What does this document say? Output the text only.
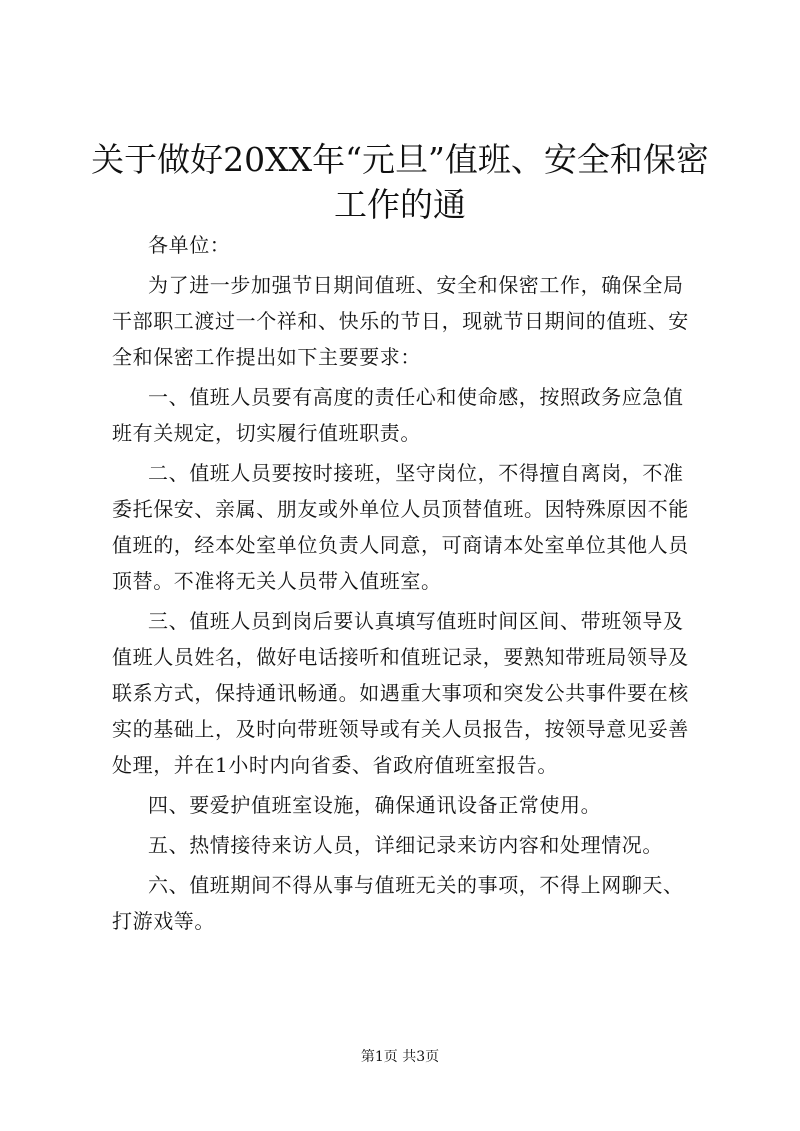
关于做好20XX年“元旦”值班、安全和保密
工作的通
各单位：
为了进一步加强节日期间值班、安全和保密工作，确保全局
干部职工渡过一个祥和、快乐的节日，现就节日期间的值班、安
全和保密工作提出如下主要要求：
一、值班人员要有高度的责任心和使命感，按照政务应急值
班有关规定，切实履行值班职责。
二、值班人员要按时接班，坚守岗位，不得擅自离岗，不准
委托保安、亲属、朋友或外单位人员顶替值班。因特殊原因不能
值班的，经本处室单位负责人同意，可商请本处室单位其他人员
顶替。不准将无关人员带入值班室。
三、值班人员到岗后要认真填写值班时间区间、带班领导及
值班人员姓名，做好电话接听和值班记录，要熟知带班局领导及
联系方式，保持通讯畅通。如遇重大事项和突发公共事件要在核
实的基础上，及时向带班领导或有关人员报告，按领导意见妥善
处理，并在1小时内向省委、省政府值班室报告。
四、要爱护值班室设施，确保通讯设备正常使用。
五、热情接待来访人员，详细记录来访内容和处理情况。
六、值班期间不得从事与值班无关的事项，不得上网聊天、
打游戏等。
第1页 共3页
